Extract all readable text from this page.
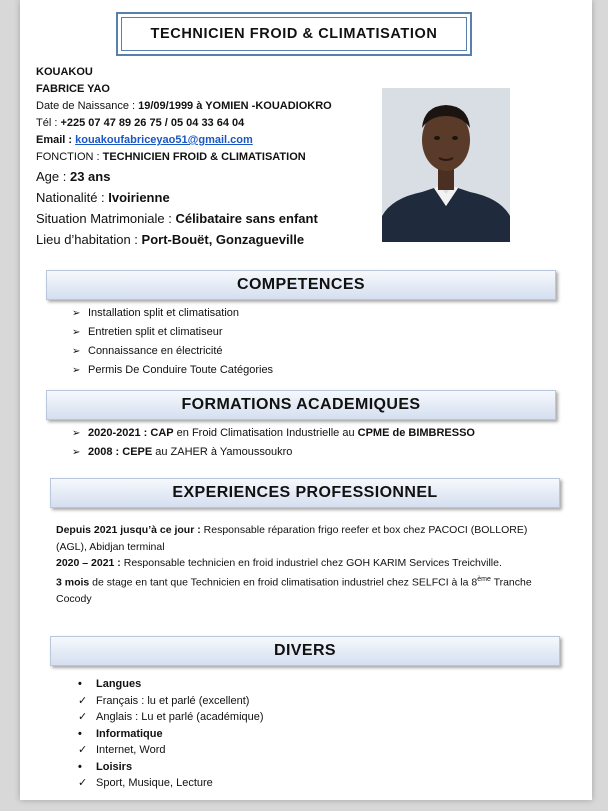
TECHNICIEN FROID & CLIMATISATION
KOUAKOU
FABRICE YAO
Date de Naissance : 19/09/1999 à YOMIEN -KOUADIOKRO
Tél : +225 07 47 89 26 75 / 05 04 33 64 04
Email : kouakoufabriceyao51@gmail.com
FONCTION : TECHNICIEN FROID & CLIMATISATION
Age : 23 ans
Nationalité : Ivoirienne
Situation Matrimoniale : Célibataire sans enfant
Lieu d’habitation : Port-Bouët, Gonzagueville
COMPETENCES
➢ Installation split et climatisation
➢ Entretien split et climatiseur
➢ Connaissance en électricité
➢ Permis De Conduire Toute Catégories
FORMATIONS ACADEMIQUES
➢ 2020-2021 : CAP en Froid Climatisation Industrielle au CPME de BIMBRESSO
➢ 2008 : CEPE au ZAHER à Yamoussoukro
EXPERIENCES PROFESSIONNEL

Depuis 2021 jusqu’à ce jour : Responsable réparation frigo reefer et box chez PACOCI (BOLLORE) (AGL), Abidjan terminal

2020 – 2021 : Responsable technicien en froid industriel chez GOH KARIM Services Treichville.

3 mois de stage en tant que Technicien en froid climatisation industriel chez SELFCI à la 8ème Tranche Cocody

DIVERS
• Langues
✓ Français : lu et parlé (excellent)
✓ Anglais : Lu et parlé (académique)
• Informatique
✓ Internet, Word
• Loisirs
✓ Sport, Musique, Lecture
